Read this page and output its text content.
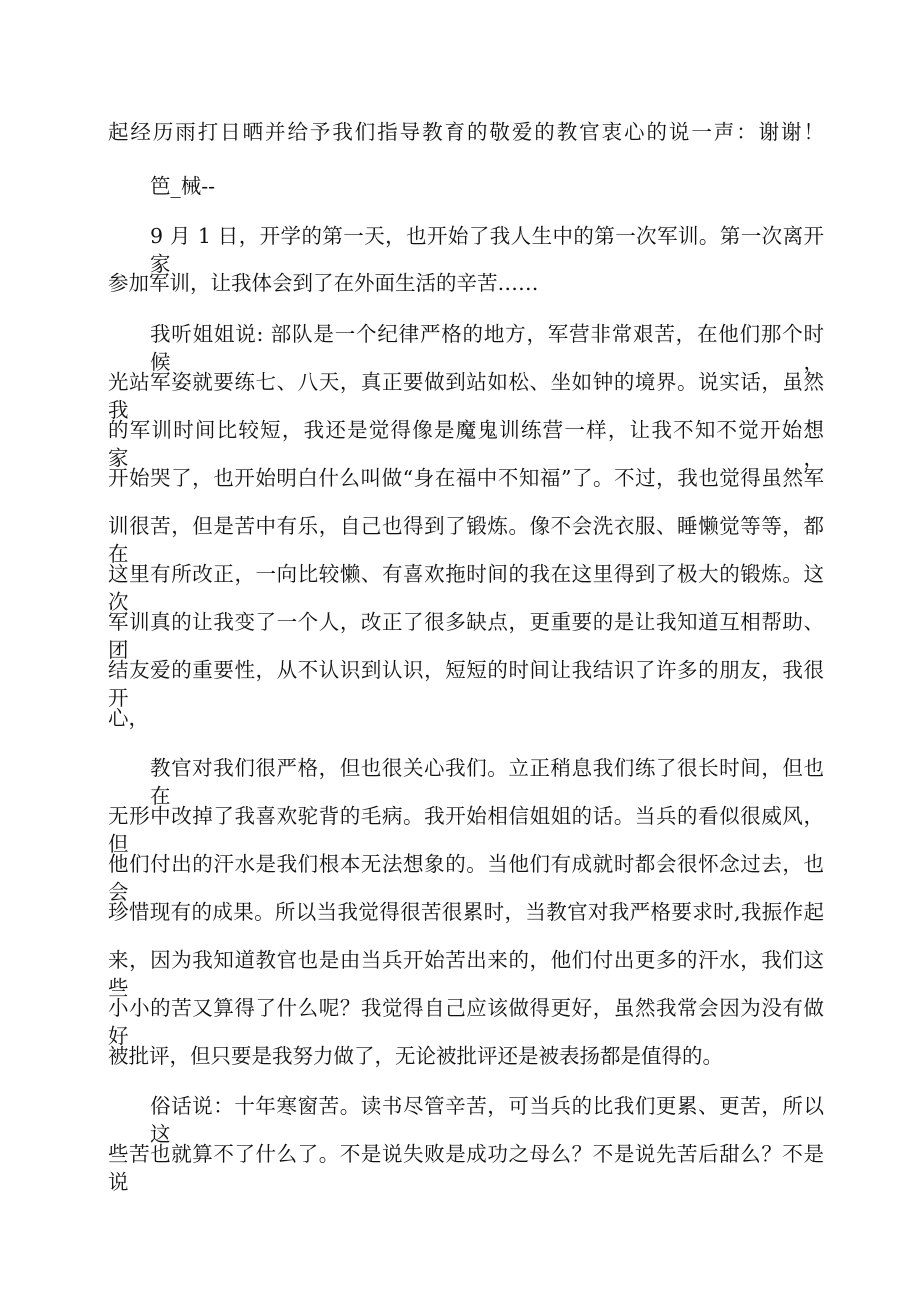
起经历雨打日晒并给予我们指导教育的敬爱的教官衷心的说一声：谢谢！

笆_械--

9 月 1 日，开学的第一天，也开始了我人生中的第一次军训。第一次离开家

参加军训，让我体会到了在外面生活的辛苦……

我听姐姐说: 部队是一个纪律严格的地方，军营非常艰苦，在他们那个时候，

光站军姿就要练七、八天，真正要做到站如松、坐如钟的境界。说实话，虽然我

的军训时间比较短，我还是觉得像是魔鬼训练营一样，让我不知不觉开始想家，

开始哭了，也开始明白什么叫做“身在福中不知福”了。不过，我也觉得虽然军

训很苦，但是苦中有乐，自己也得到了锻炼。像不会洗衣服、睡懒觉等等，都在

这里有所改正，一向比较懒、有喜欢拖时间的我在这里得到了极大的锻炼。这次

军训真的让我变了一个人，改正了很多缺点，更重要的是让我知道互相帮助、团

结友爱的重要性，从不认识到认识，短短的时间让我结识了许多的朋友，我很开

心，

教官对我们很严格，但也很关心我们。立正稍息我们练了很长时间，但也在

无形中改掉了我喜欢驼背的毛病。我开始相信姐姐的话。当兵的看似很威风，但

他们付出的汗水是我们根本无法想象的。当他们有成就时都会很怀念过去，也会

珍惜现有的成果。所以当我觉得很苦很累时，当教官对我严格要求时,我振作起

来，因为我知道教官也是由当兵开始苦出来的，他们付出更多的汗水，我们这些

小小的苦又算得了什么呢？我觉得自己应该做得更好，虽然我常会因为没有做好

被批评，但只要是我努力做了，无论被批评还是被表扬都是值得的。

俗话说：十年寒窗苦。读书尽管辛苦，可当兵的比我们更累、更苦，所以这

些苦也就算不了什么了。不是说失败是成功之母么？不是说先苦后甜么？不是说
